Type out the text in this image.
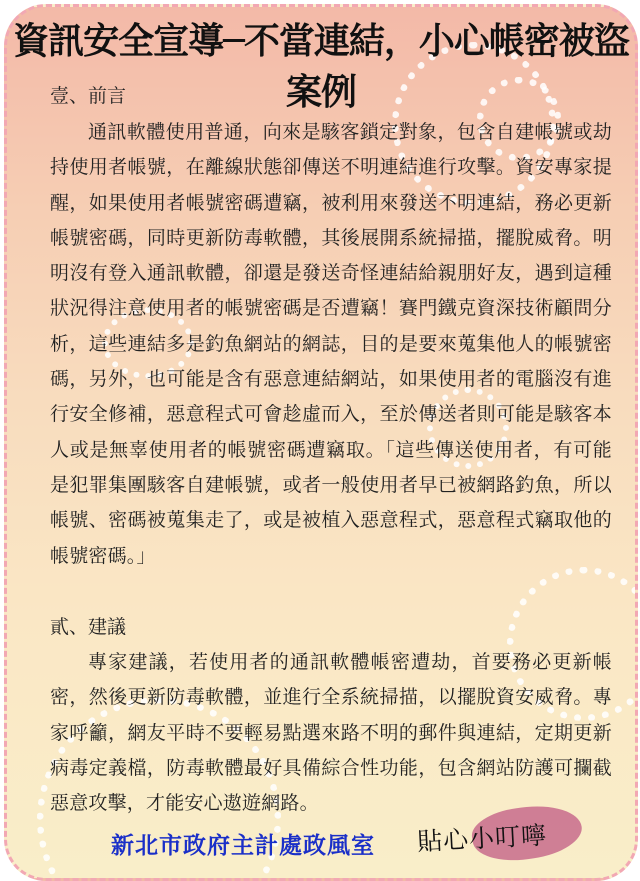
資訊安全宣導─不當連結，小心帳密被盜案例
壹、前言
通訊軟體使用普通，向來是駭客鎖定對象，包含自建帳號或劫持使用者帳號，在離線狀態卻傳送不明連結進行攻擊。資安專家提醒，如果使用者帳號密碼遭竊，被利用來發送不明連結，務必更新帳號密碼，同時更新防毒軟體，其後展開系統掃描，擺脫威脅。明明沒有登入通訊軟體，卻還是發送奇怪連結給親朋好友，遇到這種狀況得注意使用者的帳號密碼是否遭竊！賽門鐵克資深技術顧問分析，這些連結多是釣魚網站的網誌，目的是要來蒐集他人的帳號密碼，另外，也可能是含有惡意連結網站，如果使用者的電腦沒有進行安全修補，惡意程式可會趁虛而入，至於傳送者則可能是駭客本人或是無辜使用者的帳號密碼遭竊取。「這些傳送使用者，有可能是犯罪集團駭客自建帳號，或者一般使用者早已被網路釣魚，所以帳號、密碼被蒐集走了，或是被植入惡意程式，惡意程式竊取他的帳號密碼。」
貳、建議
專家建議，若使用者的通訊軟體帳密遭劫，首要務必更新帳密，然後更新防毒軟體，並進行全系統掃描，以擺脫資安威脅。專家呼籲，網友平時不要輕易點選來路不明的郵件與連結，定期更新病毒定義檔，防毒軟體最好具備綜合性功能，包含網站防護可攔截惡意攻擊，才能安心遨遊網路。
貼心小叮嚀
新北市政府主計處政風室
